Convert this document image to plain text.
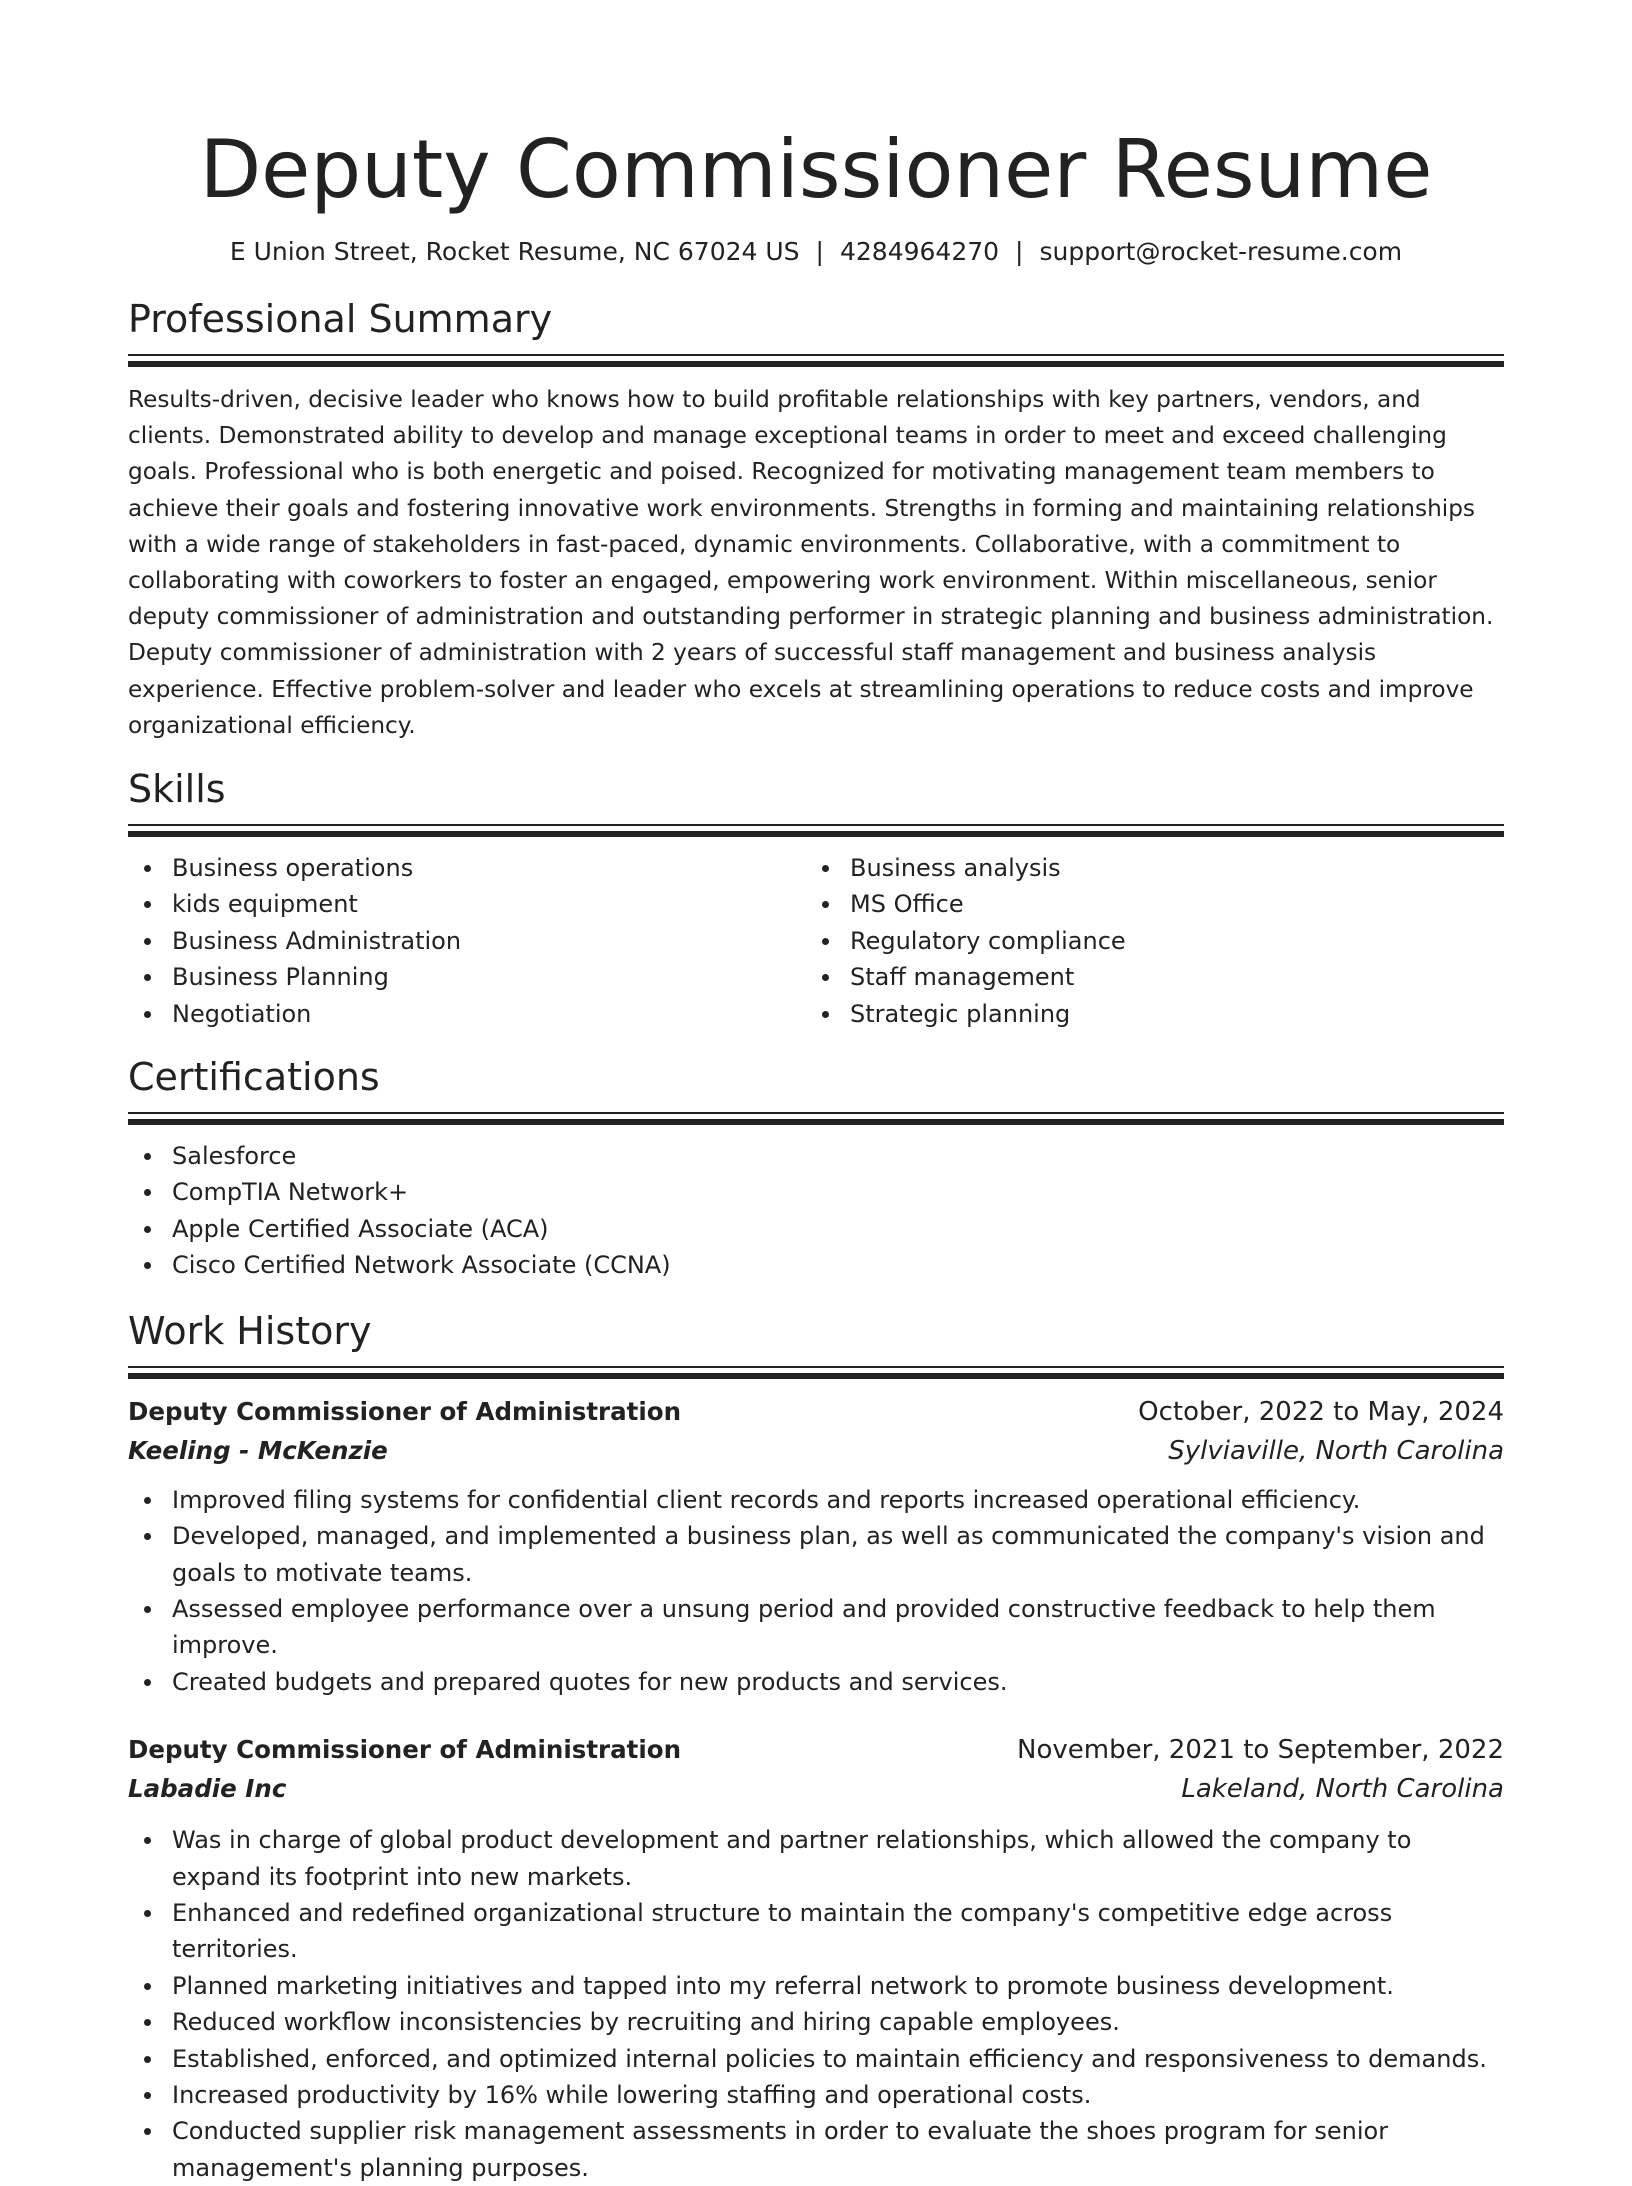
Deputy Commissioner Resume
E Union Street, Rocket Resume, NC 67024 US | 4284964270 | support@rocket-resume.com
Professional Summary

Results-driven, decisive leader who knows how to build profitable relationships with key partners, vendors, and clients. Demonstrated ability to develop and manage exceptional teams in order to meet and exceed challenging goals. Professional who is both energetic and poised. Recognized for motivating management team members to achieve their goals and fostering innovative work environments. Strengths in forming and maintaining relationships with a wide range of stakeholders in fast-paced, dynamic environments. Collaborative, with a commitment to collaborating with coworkers to foster an engaged, empowering work environment. Within miscellaneous, senior deputy commissioner of administration and outstanding performer in strategic planning and business administration. Deputy commissioner of administration with 2 years of successful staff management and business analysis experience. Effective problem-solver and leader who excels at streamlining operations to reduce costs and improve organizational efficiency.

Skills
Business operations
kids equipment
Business Administration
Business Planning
Negotiation
Business analysis
MS Office
Regulatory compliance
Staff management
Strategic planning
Certifications
Salesforce
CompTIA Network+
Apple Certified Associate (ACA)
Cisco Certified Network Associate (CCNA)
Work History
Deputy Commissioner of Administration	October, 2022 to May, 2024
Keeling - McKenzie	Sylviaville, North Carolina
Improved filing systems for confidential client records and reports increased operational efficiency.
Developed, managed, and implemented a business plan, as well as communicated the company's vision and goals to motivate teams.
Assessed employee performance over a unsung period and provided constructive feedback to help them improve.
Created budgets and prepared quotes for new products and services.
Deputy Commissioner of Administration	November, 2021 to September, 2022
Labadie Inc	Lakeland, North Carolina
Was in charge of global product development and partner relationships, which allowed the company to expand its footprint into new markets.
Enhanced and redefined organizational structure to maintain the company's competitive edge across territories.
Planned marketing initiatives and tapped into my referral network to promote business development.
Reduced workflow inconsistencies by recruiting and hiring capable employees.
Established, enforced, and optimized internal policies to maintain efficiency and responsiveness to demands.
Increased productivity by 16% while lowering staffing and operational costs.
Conducted supplier risk management assessments in order to evaluate the shoes program for senior management's planning purposes.
